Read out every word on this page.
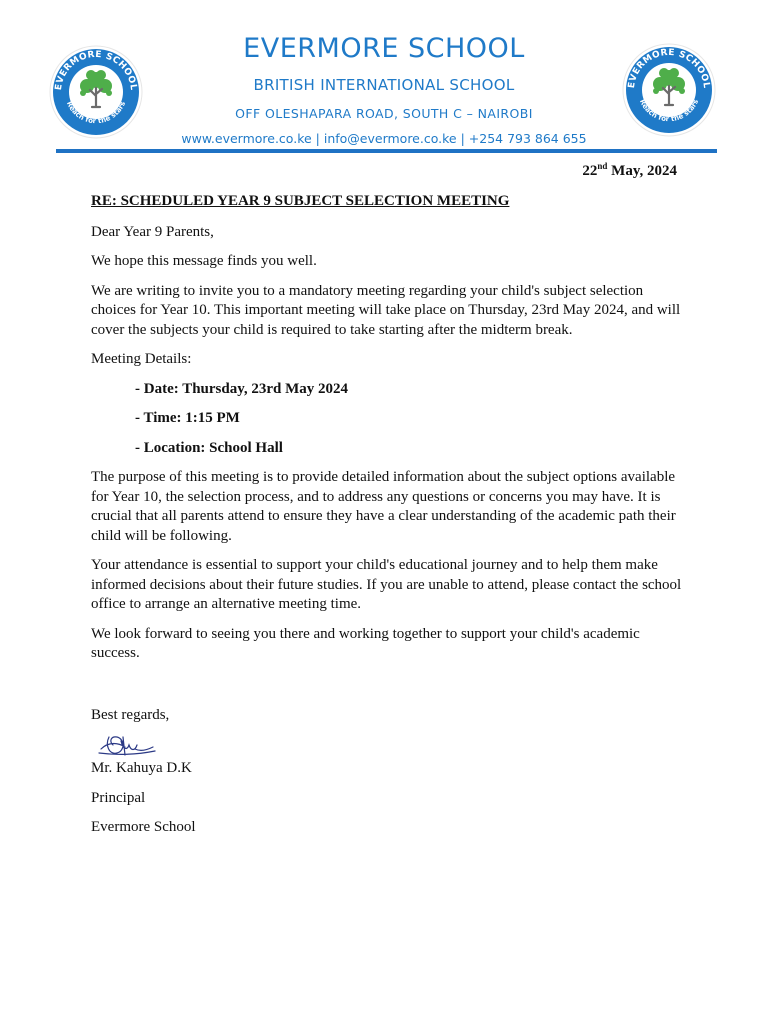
EVERMORE SCHOOL
Reach for the stars
EVERMORE SCHOOL
BRITISH INTERNATIONAL SCHOOL
OFF OLESHAPARA ROAD, SOUTH C – NAIROBI
www.evermore.co.ke | info@evermore.co.ke | +254 793 864 655
EVERMORE SCHOOL
Reach for the stars
22nd May, 2024

RE: SCHEDULED YEAR 9 SUBJECT SELECTION MEETING

Dear Year 9 Parents,

We hope this message finds you well.

We are writing to invite you to a mandatory meeting regarding your child's subject selection choices for Year 10. This important meeting will take place on Thursday, 23rd May 2024, and will cover the subjects your child is required to take starting after the midterm break.

Meeting Details:

- Date: Thursday, 23rd May 2024

- Time: 1:15 PM

- Location: School Hall

The purpose of this meeting is to provide detailed information about the subject options available for Year 10, the selection process, and to address any questions or concerns you may have. It is crucial that all parents attend to ensure they have a clear understanding of the academic path their child will be following.

Your attendance is essential to support your child's educational journey and to help them make informed decisions about their future studies. If you are unable to attend, please contact the school office to arrange an alternative meeting time.

We look forward to seeing you there and working together to support your child's academic success.

Best regards,

Mr. Kahuya D.K

Principal

Evermore School
